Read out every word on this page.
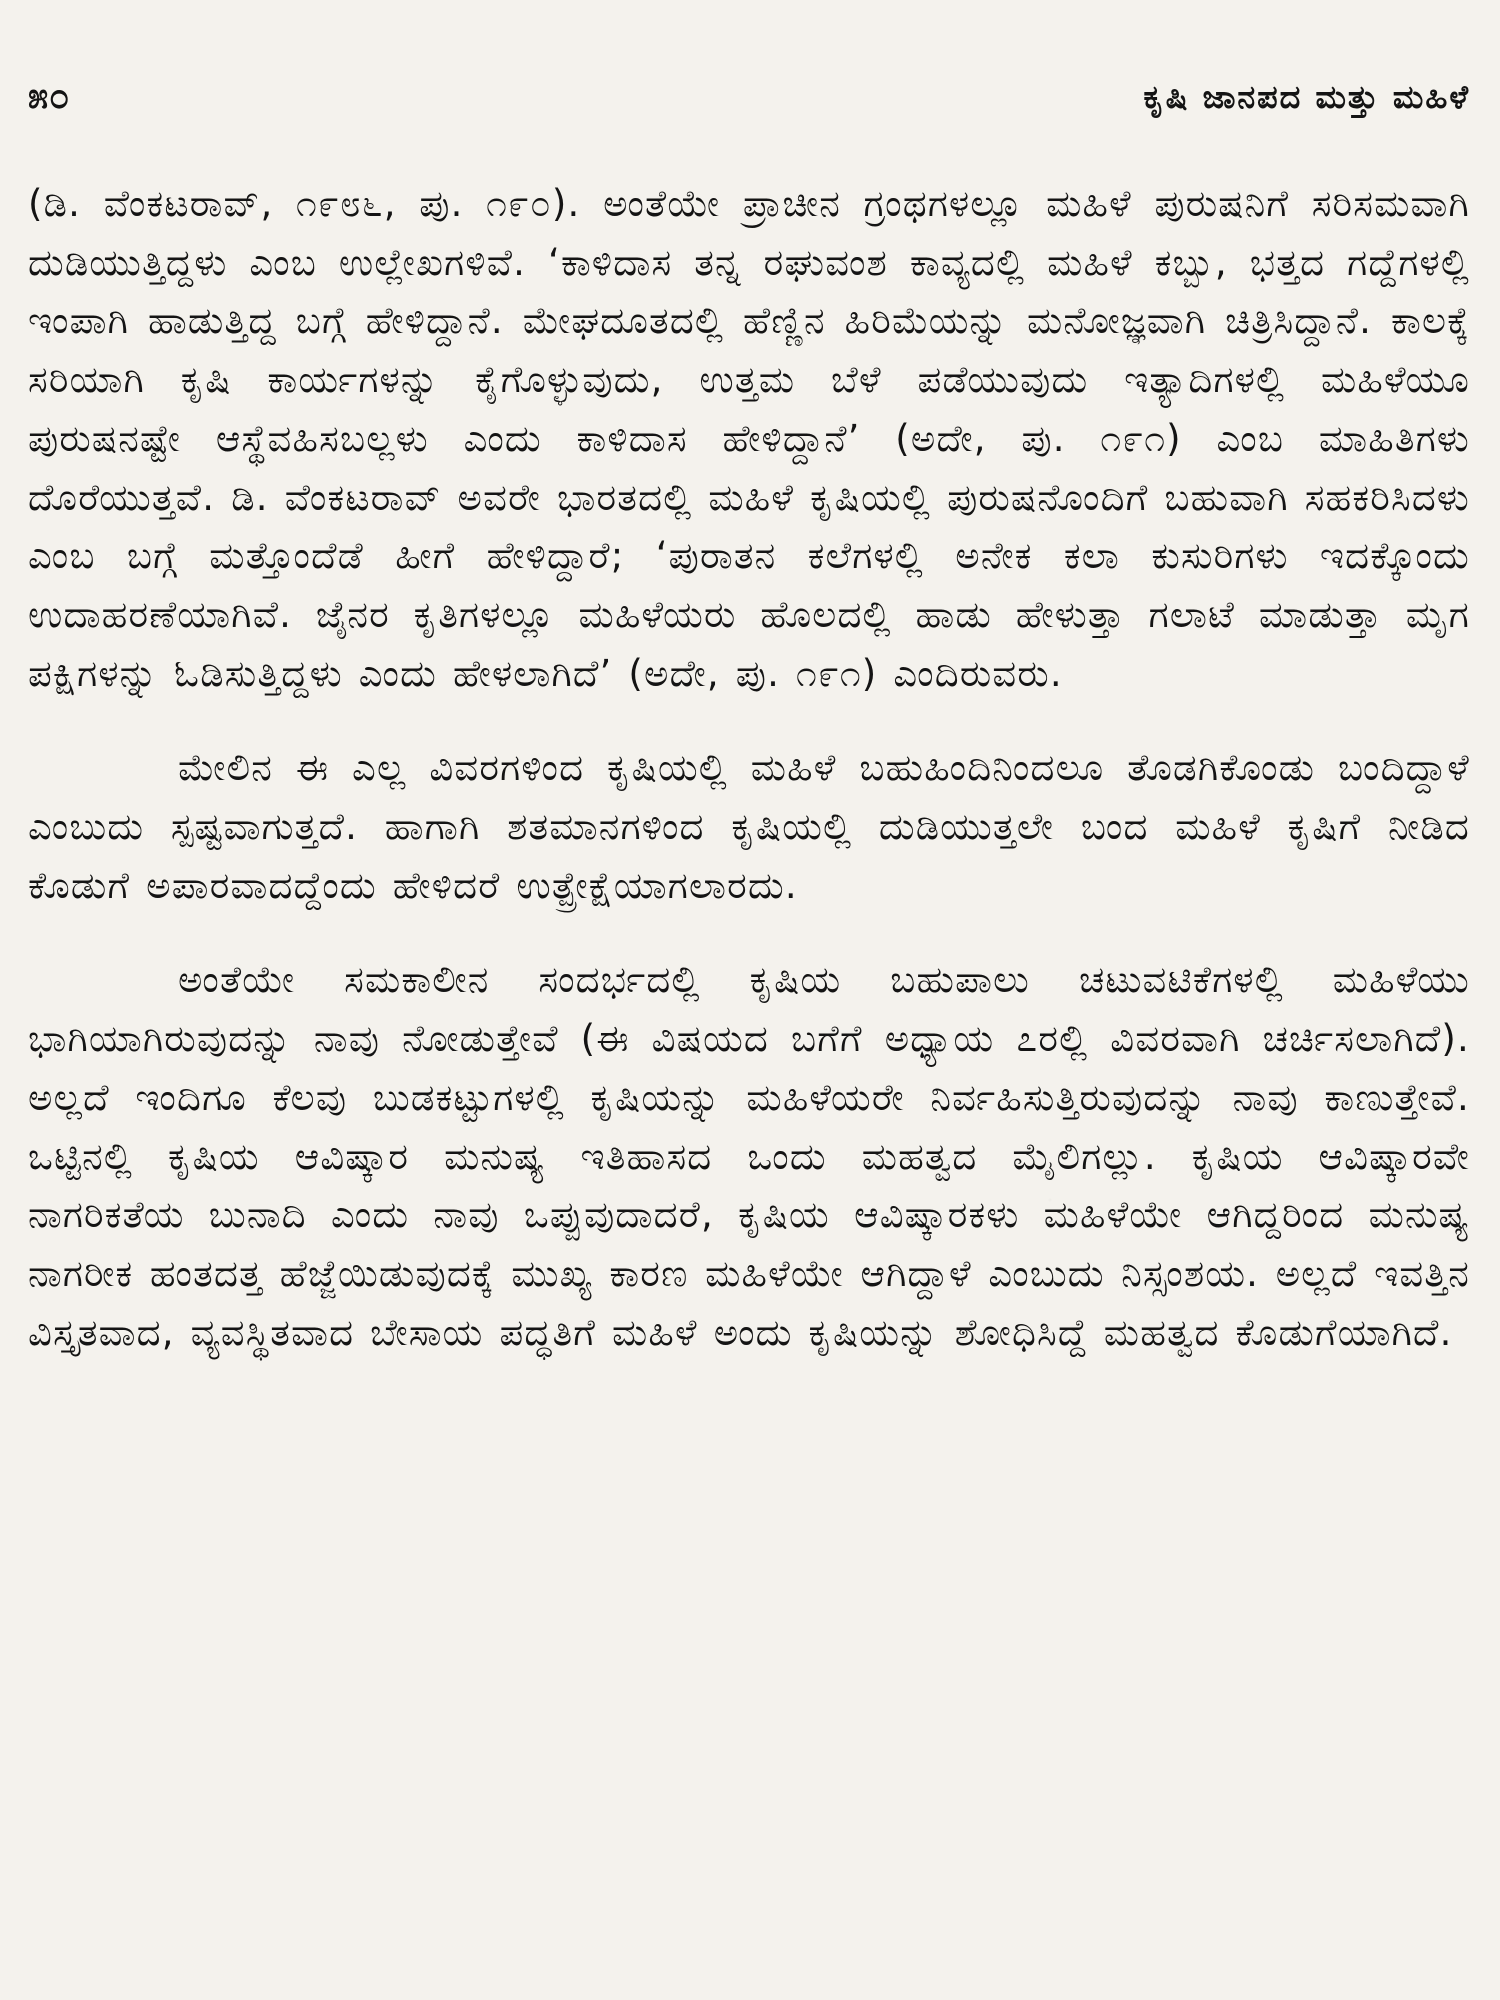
೫೦	ಕೃಷಿ ಜಾನಪದ ಮತ್ತು ಮಹಿಳೆ

(ಡಿ. ವೆಂಕಟರಾವ್, ೧೯೮೬, ಪು. ೧೯೦). ಅಂತೆಯೇ ಪ್ರಾಚೀನ ಗ್ರಂಥಗಳಲ್ಲೂ ಮಹಿಳೆ ಪುರುಷನಿಗೆ ಸರಿಸಮವಾಗಿ ದುಡಿಯುತ್ತಿದ್ದಳು ಎಂಬ ಉಲ್ಲೇಖಗಳಿವೆ. ‘ಕಾಳಿದಾಸ ತನ್ನ ರಘುವಂಶ ಕಾವ್ಯದಲ್ಲಿ ಮಹಿಳೆ ಕಬ್ಬು, ಭತ್ತದ ಗದ್ದೆಗಳಲ್ಲಿ ಇಂಪಾಗಿ ಹಾಡುತ್ತಿದ್ದ ಬಗ್ಗೆ ಹೇಳಿದ್ದಾನೆ. ಮೇಘದೂತದಲ್ಲಿ ಹೆಣ್ಣಿನ ಹಿರಿಮೆಯನ್ನು ಮನೋಜ್ಞವಾಗಿ ಚಿತ್ರಿಸಿದ್ದಾನೆ. ಕಾಲಕ್ಕೆ ಸರಿಯಾಗಿ ಕೃಷಿ ಕಾರ್ಯಗಳನ್ನು ಕೈಗೊಳ್ಳುವುದು, ಉತ್ತಮ ಬೆಳೆ ಪಡೆಯುವುದು ಇತ್ಯಾದಿಗಳಲ್ಲಿ ಮಹಿಳೆಯೂ ಪುರುಷನಷ್ಟೇ ಆಸ್ಥೆವಹಿಸಬಲ್ಲಳು ಎಂದು ಕಾಳಿದಾಸ ಹೇಳಿದ್ದಾನೆ’ (ಅದೇ, ಪು. ೧೯೧) ಎಂಬ ಮಾಹಿತಿಗಳು ದೊರೆಯುತ್ತವೆ. ಡಿ. ವೆಂಕಟರಾವ್ ಅವರೇ ಭಾರತದಲ್ಲಿ ಮಹಿಳೆ ಕೃಷಿಯಲ್ಲಿ ಪುರುಷನೊಂದಿಗೆ ಬಹುವಾಗಿ ಸಹಕರಿಸಿದಳು ಎಂಬ ಬಗ್ಗೆ ಮತ್ತೊಂದೆಡೆ ಹೀಗೆ ಹೇಳಿದ್ದಾರೆ; ‘ಪುರಾತನ ಕಲೆಗಳಲ್ಲಿ ಅನೇಕ ಕಲಾ ಕುಸುರಿಗಳು ಇದಕ್ಕೊಂದು ಉದಾಹರಣೆಯಾಗಿವೆ. ಜೈನರ ಕೃತಿಗಳಲ್ಲೂ ಮಹಿಳೆಯರು ಹೊಲದಲ್ಲಿ ಹಾಡು ಹೇಳುತ್ತಾ ಗಲಾಟೆ ಮಾಡುತ್ತಾ ಮೃಗ ಪಕ್ಷಿಗಳನ್ನು ಓಡಿಸುತ್ತಿದ್ದಳು ಎಂದು ಹೇಳಲಾಗಿದೆ’ (ಅದೇ, ಪು. ೧೯೧) ಎಂದಿರುವರು.

ಮೇಲಿನ ಈ ಎಲ್ಲ ವಿವರಗಳಿಂದ ಕೃಷಿಯಲ್ಲಿ ಮಹಿಳೆ ಬಹುಹಿಂದಿನಿಂದಲೂ ತೊಡಗಿಕೊಂಡು ಬಂದಿದ್ದಾಳೆ ಎಂಬುದು ಸ್ಪಷ್ಟವಾಗುತ್ತದೆ. ಹಾಗಾಗಿ ಶತಮಾನಗಳಿಂದ ಕೃಷಿಯಲ್ಲಿ ದುಡಿಯುತ್ತಲೇ ಬಂದ ಮಹಿಳೆ ಕೃಷಿಗೆ ನೀಡಿದ ಕೊಡುಗೆ ಅಪಾರವಾದದ್ದೆಂದು ಹೇಳಿದರೆ ಉತ್ಪ್ರೇಕ್ಷೆಯಾಗಲಾರದು.

ಅಂತೆಯೇ ಸಮಕಾಲೀನ ಸಂದರ್ಭದಲ್ಲಿ ಕೃಷಿಯ ಬಹುಪಾಲು ಚಟುವಟಿಕೆಗಳಲ್ಲಿ ಮಹಿಳೆಯು ಭಾಗಿಯಾಗಿರುವುದನ್ನು ನಾವು ನೋಡುತ್ತೇವೆ (ಈ ವಿಷಯದ ಬಗೆಗೆ ಅಧ್ಯಾಯ ೭ರಲ್ಲಿ ವಿವರವಾಗಿ ಚರ್ಚಿಸಲಾಗಿದೆ). ಅಲ್ಲದೆ ಇಂದಿಗೂ ಕೆಲವು ಬುಡಕಟ್ಟುಗಳಲ್ಲಿ ಕೃಷಿಯನ್ನು ಮಹಿಳೆಯರೇ ನಿರ್ವಹಿಸುತ್ತಿರುವುದನ್ನು ನಾವು ಕಾಣುತ್ತೇವೆ. ಒಟ್ಟಿನಲ್ಲಿ ಕೃಷಿಯ ಆವಿಷ್ಕಾರ ಮನುಷ್ಯ ಇತಿಹಾಸದ ಒಂದು ಮಹತ್ವದ ಮೈಲಿಗಲ್ಲು. ಕೃಷಿಯ ಆವಿಷ್ಕಾರವೇ ನಾಗರಿಕತೆಯ ಬುನಾದಿ ಎಂದು ನಾವು ಒಪ್ಪುವುದಾದರೆ, ಕೃಷಿಯ ಆವಿಷ್ಕಾರಕಳು ಮಹಿಳೆಯೇ ಆಗಿದ್ದರಿಂದ ಮನುಷ್ಯ ನಾಗರೀಕ ಹಂತದತ್ತ ಹೆಜ್ಜೆಯಿಡುವುದಕ್ಕೆ ಮುಖ್ಯ ಕಾರಣ ಮಹಿಳೆಯೇ ಆಗಿದ್ದಾಳೆ ಎಂಬುದು ನಿಸ್ಸಂಶಯ. ಅಲ್ಲದೆ ಇವತ್ತಿನ ವಿಸ್ತೃತವಾದ, ವ್ಯವಸ್ಥಿತವಾದ ಬೇಸಾಯ ಪದ್ಧತಿಗೆ ಮಹಿಳೆ ಅಂದು ಕೃಷಿಯನ್ನು ಶೋಧಿಸಿದ್ದೆ ಮಹತ್ವದ ಕೊಡುಗೆಯಾಗಿದೆ.
